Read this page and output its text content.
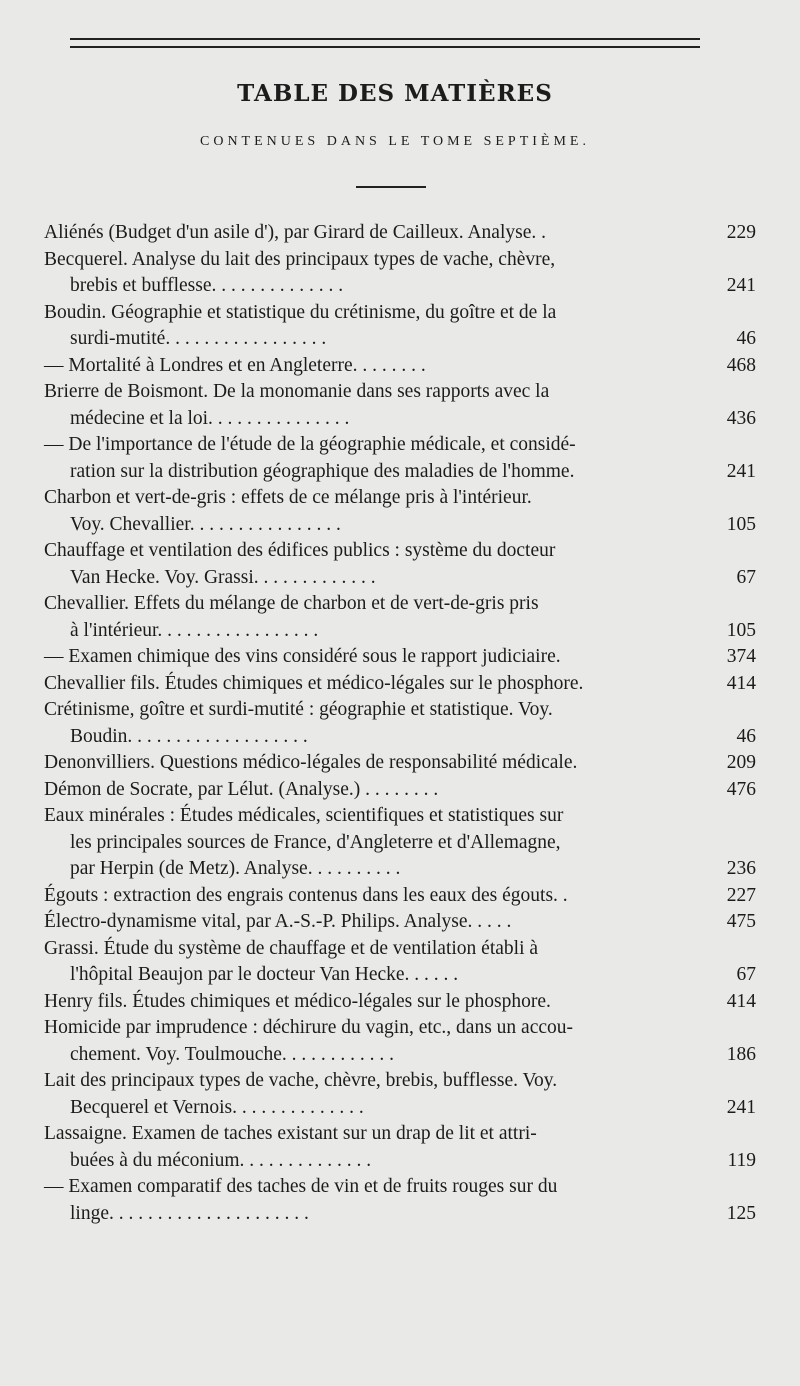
TABLE DES MATIÈRES
CONTENUES DANS LE TOME SEPTIÈME.
Aliénés (Budget d'un asile d'), par Girard de Cailleux. Analyse. .	229
Becquerel. Analyse du lait des principaux types de vache, chèvre,
brebis et bufflesse. . . . . . . . . . . . . .	241
Boudin. Géographie et statistique du crétinisme, du goître et de la
surdi-mutité. . . . . . . . . . . . . . . . .	46
— Mortalité à Londres et en Angleterre. . . . . . . .	468
Brierre de Boismont. De la monomanie dans ses rapports avec la
médecine et la loi. . . . . . . . . . . . . . .	436
— De l'importance de l'étude de la géographie médicale, et considé-
ration sur la distribution géographique des maladies de l'homme.	241
Charbon et vert-de-gris : effets de ce mélange pris à l'intérieur.
Voy. Chevallier. . . . . . . . . . . . . . . .	105
Chauffage et ventilation des édifices publics : système du docteur
Van Hecke. Voy. Grassi. . . . . . . . . . . . .	67
Chevallier. Effets du mélange de charbon et de vert-de-gris pris
à l'intérieur. . . . . . . . . . . . . . . . .	105
— Examen chimique des vins considéré sous le rapport judiciaire.	374
Chevallier fils. Études chimiques et médico-légales sur le phosphore.	414
Crétinisme, goître et surdi-mutité : géographie et statistique. Voy.
Boudin. . . . . . . . . . . . . . . . . . .	46
Denonvilliers. Questions médico-légales de responsabilité médicale.	209
Démon de Socrate, par Lélut. (Analyse.) . . . . . . . .	476
Eaux minérales : Études médicales, scientifiques et statistiques sur
les principales sources de France, d'Angleterre et d'Allemagne,
par Herpin (de Metz). Analyse. . . . . . . . . .	236
Égouts : extraction des engrais contenus dans les eaux des égouts. .	227
Électro-dynamisme vital, par A.-S.-P. Philips. Analyse. . . . .	475
Grassi. Étude du système de chauffage et de ventilation établi à
l'hôpital Beaujon par le docteur Van Hecke. . . . . .	67
Henry fils. Études chimiques et médico-légales sur le phosphore.	414
Homicide par imprudence : déchirure du vagin, etc., dans un accou-
chement. Voy. Toulmouche. . . . . . . . . . . .	186
Lait des principaux types de vache, chèvre, brebis, bufflesse. Voy.
Becquerel et Vernois. . . . . . . . . . . . . .	241
Lassaigne. Examen de taches existant sur un drap de lit et attri-
buées à du méconium. . . . . . . . . . . . . .	119
— Examen comparatif des taches de vin et de fruits rouges sur du
linge. . . . . . . . . . . . . . . . . . . . .	125
